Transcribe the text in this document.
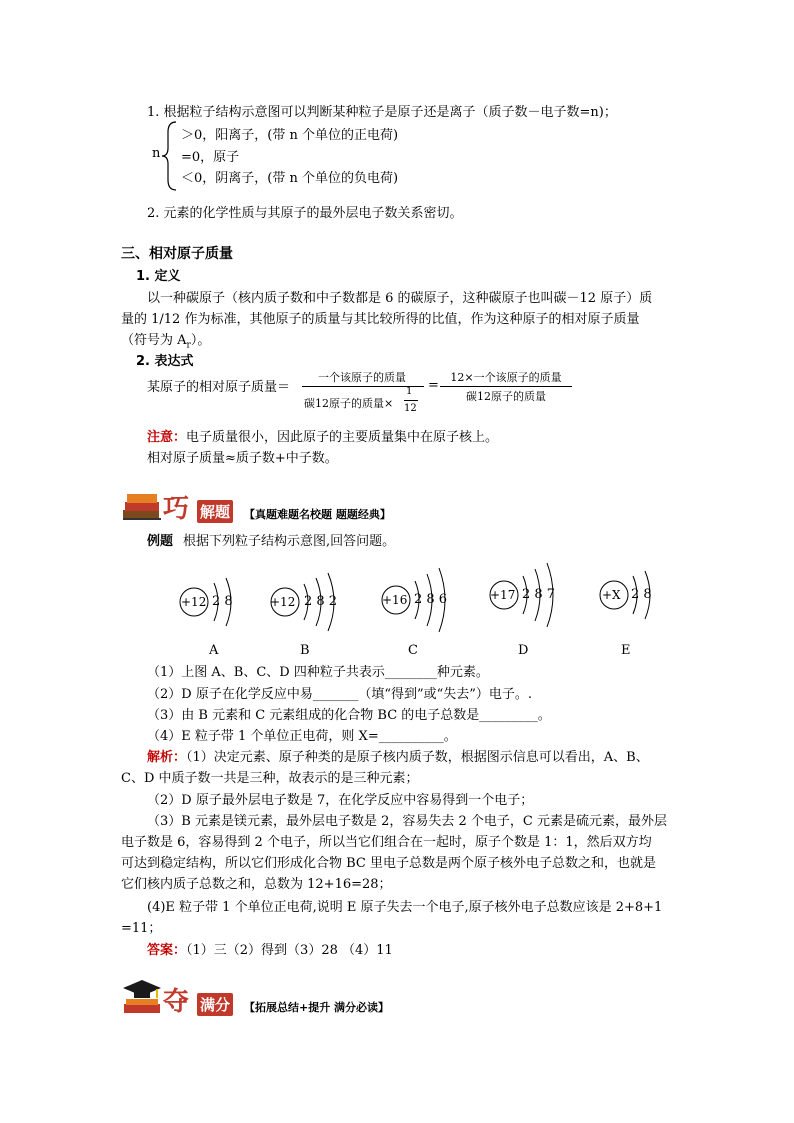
1. 根据粒子结构示意图可以判断某种粒子是原子还是离子（质子数－电子数=n)；
n
＞0，阳离子，(带 n 个单位的正电荷)
=0，原子
＜0，阴离子，(带 n 个单位的负电荷)
2. 元素的化学性质与其原子的最外层电子数关系密切。
三、相对原子质量
1. 定义
以一种碳原子（核内质子数和中子数都是 6 的碳原子，这种碳原子也叫碳－12 原子）质
量的 1/12 作为标准，其他原子的质量与其比较所得的比值，作为这种原子的相对原子质量
（符号为 $A_r$）。
2. 表达式
某原子的相对原子质量＝
一个该原子的质量
碳12原子的质量×
1
12
=
12×一个该原子的质量
碳12原子的质量
注意：电子质量很小，因此原子的主要质量集中在原子核上。
相对原子质量≈质子数+中子数。
巧 解题 【真题难题名校题 题题经典】
例题 根据下列粒子结构示意图,回答问题。
+12 2 8
A
+12 2 8 2
B
+16 2 8 6
C
+17 2 8 7
D
+X 2 8
E
（1）上图 A、B、C、D 四种粒子共表示________种元素。
（2）D 原子在化学反应中易_______（填“得到”或“失去”）电子。.
（3）由 B 元素和 C 元素组成的化合物 BC 的电子总数是_________。
（4）E 粒子带 1 个单位正电荷，则 X=__________。
解析：（1）决定元素、原子种类的是原子核内质子数，根据图示信息可以看出，A、B、
C、D 中质子数一共是三种，故表示的是三种元素；
（2）D 原子最外层电子数是 7，在化学反应中容易得到一个电子；
（3）B 元素是镁元素，最外层电子数是 2，容易失去 2 个电子，C 元素是硫元素，最外层
电子数是 6，容易得到 2 个电子，所以当它们组合在一起时，原子个数是 1：1，然后双方均
可达到稳定结构，所以它们形成化合物 BC 里电子总数是两个原子核外电子总数之和，也就是
它们核内质子总数之和，总数为 12+16=28；
(4)E 粒子带 1 个单位正电荷,说明 E 原子失去一个电子,原子核外电子总数应该是 2+8+1
=11；
答案：（1）三（2）得到（3）28 （4）11
夺 满分 【拓展总结+提升 满分必读】
